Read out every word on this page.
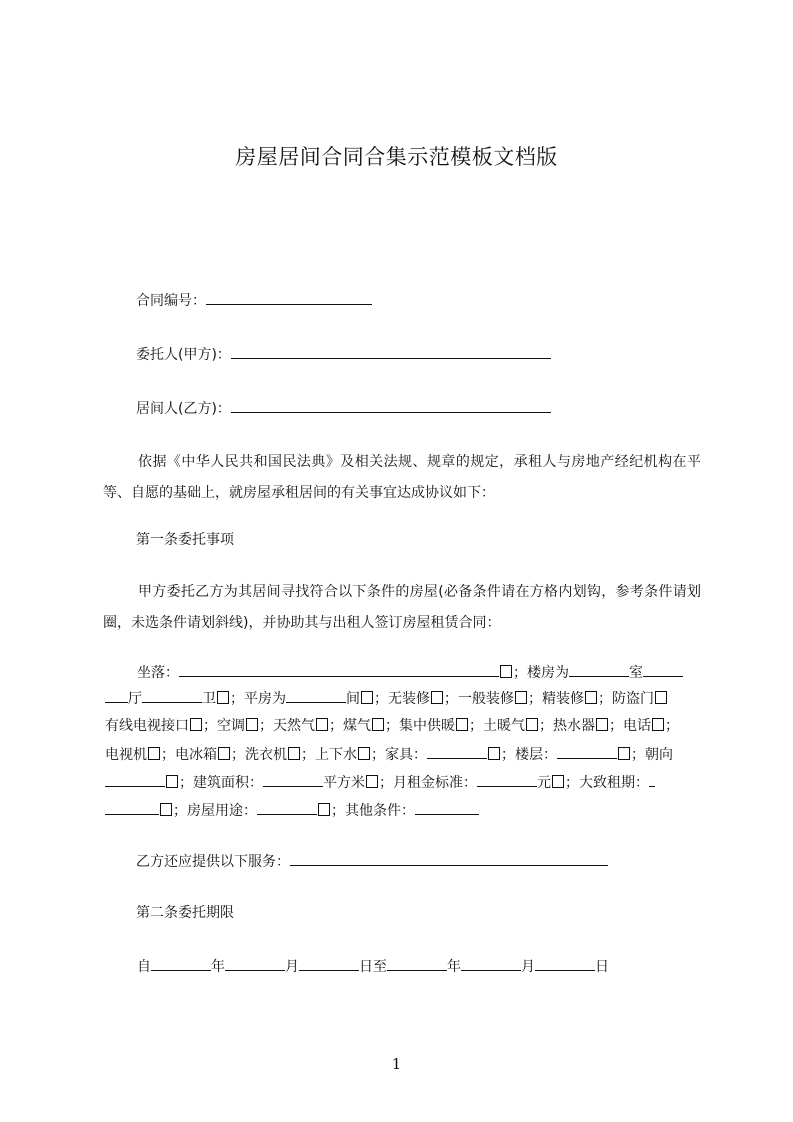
房屋居间合同合集示范模板文档版
合同编号：
委托人(甲方)：
居间人(乙方)：
依据《中华人民共和国民法典》及相关法规、规章的规定，承租人与房地产经纪机构在平等、自愿的基础上，就房屋承租居间的有关事宜达成协议如下：
第一条委托事项
甲方委托乙方为其居间寻找符合以下条件的房屋(必备条件请在方格内划钩，参考条件请划圈，未选条件请划斜线)，并协助其与出租人签订房屋租赁合同：
坐落：	；楼房为	室
厅	卫 ；平房为	间 ；无装修 ；一般装修 ；精装修 ；防盗门
有线电视接口 ；空调 ；天然气 ；煤气 ；集中供暖 ；土暖气 ；热水器 ；电话 ；
电视机 ；电冰箱 ；洗衣机 ；上下水 ；家具：	；楼层：	；朝向
；建筑面积：	平方米 ；月租金标准：	元 ；大致租期：
；房屋用途：	；其他条件：
乙方还应提供以下服务：
第二条委托期限
自	年	月	日至	年	月	日
1
